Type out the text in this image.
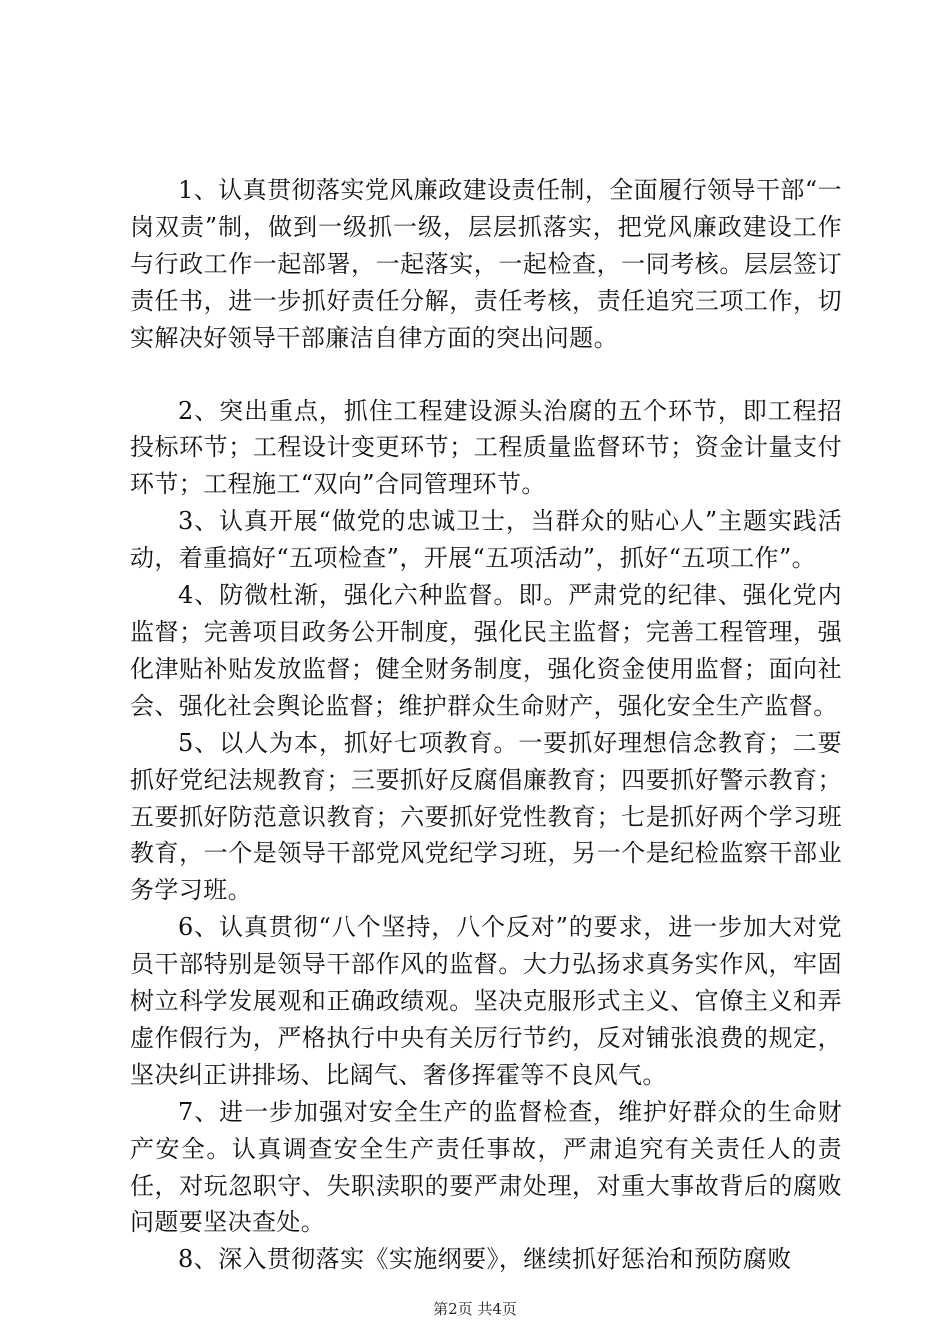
1、认真贯彻落实党风廉政建设责任制，全面履行领导干部“一岗双责”制，做到一级抓一级，层层抓落实，把党风廉政建设工作与行政工作一起部署，一起落实，一起检查，一同考核。层层签订责任书，进一步抓好责任分解，责任考核，责任追究三项工作，切实解决好领导干部廉洁自律方面的突出问题。

2、突出重点，抓住工程建设源头治腐的五个环节，即工程招投标环节；工程设计变更环节；工程质量监督环节；资金计量支付环节；工程施工“双向”合同管理环节。

3、认真开展“做党的忠诚卫士，当群众的贴心人”主题实践活动，着重搞好“五项检查”，开展“五项活动”，抓好“五项工作”。

4、防微杜渐，强化六种监督。即。严肃党的纪律、强化党内监督；完善项目政务公开制度，强化民主监督；完善工程管理，强化津贴补贴发放监督；健全财务制度，强化资金使用监督；面向社会、强化社会舆论监督；维护群众生命财产，强化安全生产监督。

5、以人为本，抓好七项教育。一要抓好理想信念教育；二要抓好党纪法规教育；三要抓好反腐倡廉教育；四要抓好警示教育；五要抓好防范意识教育；六要抓好党性教育；七是抓好两个学习班教育，一个是领导干部党风党纪学习班，另一个是纪检监察干部业务学习班。

6、认真贯彻“八个坚持，八个反对”的要求，进一步加大对党员干部特别是领导干部作风的监督。大力弘扬求真务实作风，牢固树立科学发展观和正确政绩观。坚决克服形式主义、官僚主义和弄虚作假行为，严格执行中央有关厉行节约，反对铺张浪费的规定，坚决纠正讲排场、比阔气、奢侈挥霍等不良风气。

7、进一步加强对安全生产的监督检查，维护好群众的生命财产安全。认真调查安全生产责任事故，严肃追究有关责任人的责任，对玩忽职守、失职渎职的要严肃处理，对重大事故背后的腐败问题要坚决查处。

8、深入贯彻落实《实施纲要》，继续抓好惩治和预防腐败

第2页 共4页
